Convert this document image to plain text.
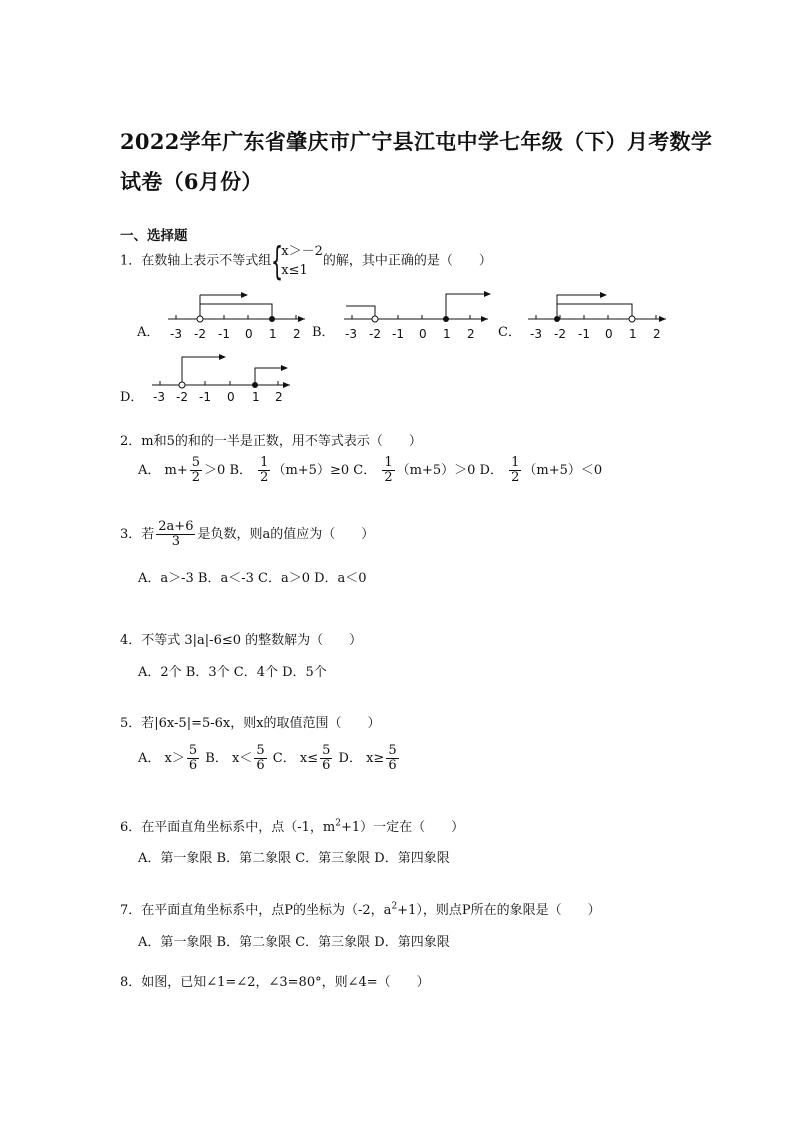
2022学年广东省肇庆市广宁县江屯中学七年级（下）月考数学
试卷（6月份）
一、选择题
1．在数轴上表示不等式组 {
x＞－2
x≤1
的解，其中正确的是（　　）
A．	B．	C．
D．
-3 -2 -1 0 1 2	-3 -2 -1 0 1 2	-3 -2 -1 0 1 2
-3 -2 -1 0 1 2
2．m和5的和的一半是正数，用不等式表示（　　）
A． $m+ \frac{5}{2} >0$ B． $\frac{1}{2} (m+5)\ge 0$ C． $\frac{1}{2} (m+5)>0$ D． $\frac{1}{2} (m+5)<0$
3．若 $\frac{2a+6}{3}$ 是负数，则a的值应为（　　）
A．a＞-3 B．a＜-3 C．a＞0 D．a＜0
4．不等式 3|a|-6≤0 的整数解为（　　）
A．2个 B．3个 C．4个 D．5个
5．若|6x-5|=5-6x，则x的取值范围（　　）
A． $x> \frac{5}{6}$ B． $x< \frac{5}{6}$ C． $x\le \frac{5}{6}$ D． $x\ge \frac{5}{6}$
6．在平面直角坐标系中，点（-1，$m^2+1$）一定在（　　）
A．第一象限 B．第二象限 C．第三象限 D．第四象限
7．在平面直角坐标系中，点P的坐标为（-2，$a^2+1$），则点P所在的象限是（　　）
A．第一象限 B．第二象限 C．第三象限 D．第四象限
8．如图，已知∠1=∠2，∠3=80°，则∠4=（　　）
